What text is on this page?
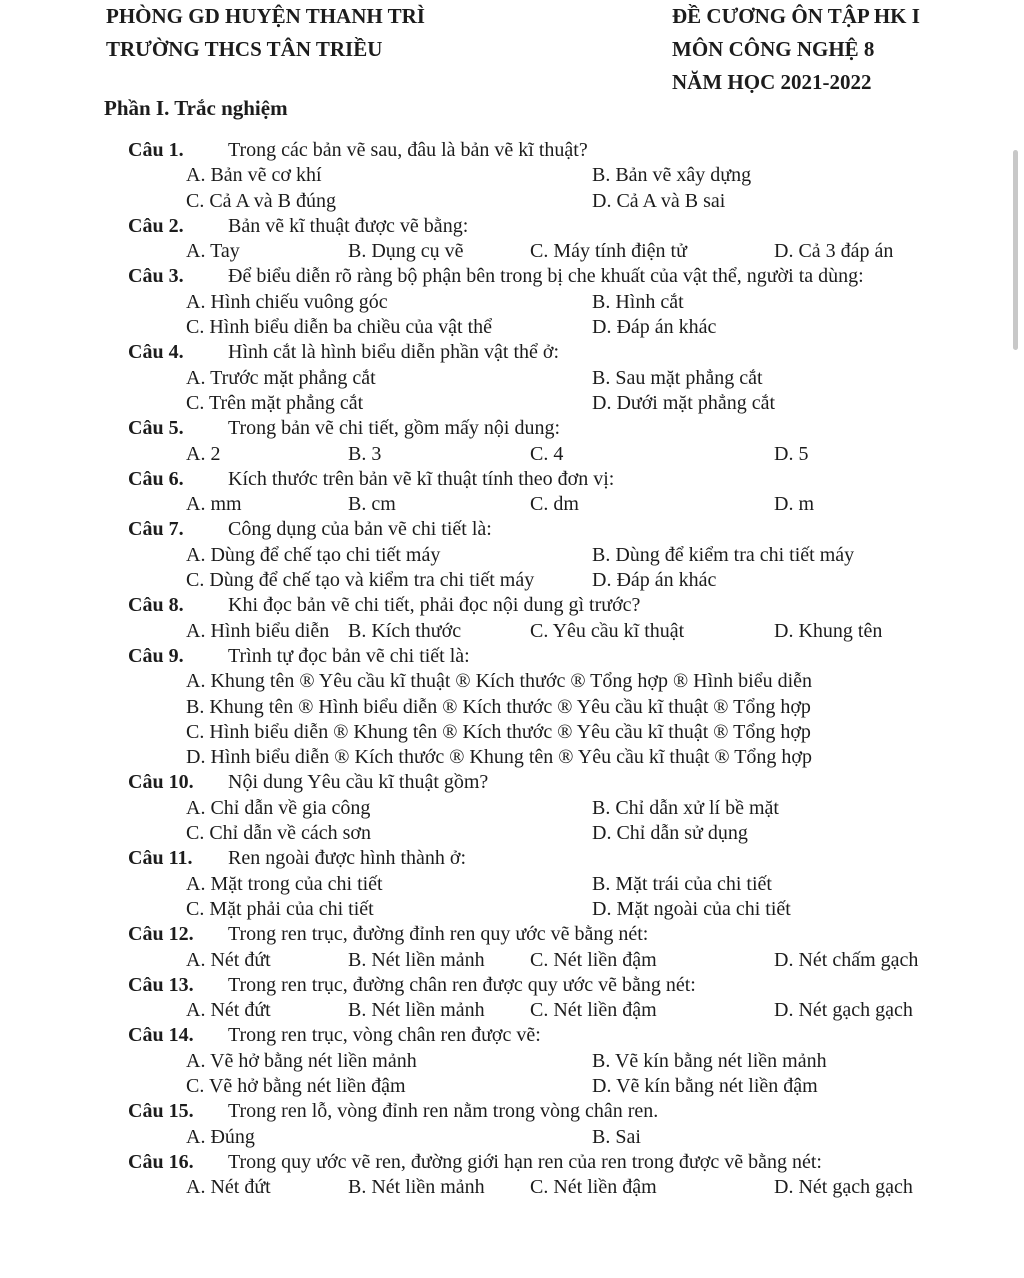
PHÒNG GD HUYỆN THANH TRÌ
TRƯỜNG THCS TÂN TRIỀU
ĐỀ CƯƠNG ÔN TẬP HK I
MÔN CÔNG NGHỆ 8
NĂM HỌC 2021-2022
Phần I. Trắc nghiệm
Câu 1. Trong các bản vẽ sau, đâu là bản vẽ kĩ thuật?
A. Bản vẽ cơ khí	B. Bản vẽ xây dựng
C. Cả A và B đúng	D. Cả A và B sai
Câu 2. Bản vẽ kĩ thuật được vẽ bằng:
A. Tay	B. Dụng cụ vẽ	C. Máy tính điện tử	D. Cả 3 đáp án
Câu 3. Để biểu diễn rõ ràng bộ phận bên trong bị che khuất của vật thể, người ta dùng:
A. Hình chiếu vuông góc	B. Hình cắt
C. Hình biểu diễn ba chiều của vật thể	D. Đáp án khác
Câu 4. Hình cắt là hình biểu diễn phần vật thể ở:
A. Trước mặt phẳng cắt	B. Sau mặt phẳng cắt
C. Trên mặt phẳng cắt	D. Dưới mặt phẳng cắt
Câu 5. Trong bản vẽ chi tiết, gồm mấy nội dung:
A. 2	B. 3	C. 4	D. 5
Câu 6. Kích thước trên bản vẽ kĩ thuật tính theo đơn vị:
A. mm	B. cm	C. dm	D. m
Câu 7. Công dụng của bản vẽ chi tiết là:
A. Dùng để chế tạo chi tiết máy	B. Dùng để kiểm tra chi tiết máy
C. Dùng để chế tạo và kiểm tra chi tiết máy	D. Đáp án khác
Câu 8. Khi đọc bản vẽ chi tiết, phải đọc nội dung gì trước?
A. Hình biểu diễn B. Kích thước	C. Yêu cầu kĩ thuật	D. Khung tên
Câu 9. Trình tự đọc bản vẽ chi tiết là:
A. Khung tên ® Yêu cầu kĩ thuật ® Kích thước ® Tổng hợp ® Hình biểu diễn
B. Khung tên ® Hình biểu diễn ® Kích thước ® Yêu cầu kĩ thuật ® Tổng hợp
C. Hình biểu diễn ® Khung tên ® Kích thước ® Yêu cầu kĩ thuật ® Tổng hợp
D. Hình biểu diễn ® Kích thước ® Khung tên ® Yêu cầu kĩ thuật ® Tổng hợp
Câu 10. Nội dung Yêu cầu kĩ thuật gồm?
A. Chỉ dẫn về gia công	B. Chỉ dẫn xử lí bề mặt
C. Chỉ dẫn về cách sơn	D. Chỉ dẫn sử dụng
Câu 11. Ren ngoài được hình thành ở:
A. Mặt trong của chi tiết	B. Mặt trái của chi tiết
C. Mặt phải của chi tiết	D. Mặt ngoài của chi tiết
Câu 12. Trong ren trục, đường đỉnh ren quy ước vẽ bằng nét:
A. Nét đứt	B. Nét liền mảnh C. Nét liền đậm	D. Nét chấm gạch
Câu 13. Trong ren trục, đường chân ren được quy ước vẽ bằng nét:
A. Nét đứt	B. Nét liền mảnh C. Nét liền đậm	D. Nét gạch gạch
Câu 14. Trong ren trục, vòng chân ren được vẽ:
A. Vẽ hở bằng nét liền mảnh	B. Vẽ kín bằng nét liền mảnh
C. Vẽ hở bằng nét liền đậm	D. Vẽ kín bằng nét liền đậm
Câu 15. Trong ren lỗ, vòng đỉnh ren nằm trong vòng chân ren.
A. Đúng	B. Sai
Câu 16. Trong quy ước vẽ ren, đường giới hạn ren của ren trong được vẽ bằng nét:
A. Nét đứt	B. Nét liền mảnh C. Nét liền đậm	D. Nét gạch gạch
